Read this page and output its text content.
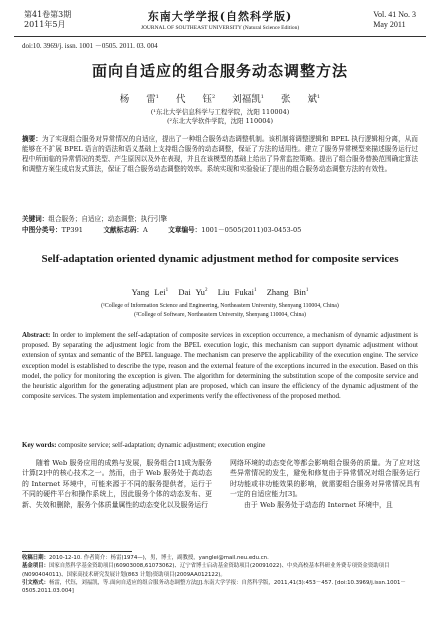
第41卷第3期
2011年5月
东南大学学报(自然科学版)
JOURNAL OF SOUTHEAST UNIVERSITY (Natural Science Edition)
Vol. 41 No. 3
May 2011
doi:10. 3969/j. issn. 1001 －0505. 2011. 03. 004
面向自适应的组合服务动态调整方法
杨 雷$^1$ 代 钰$^2$ 刘福凯$^1$ 张 斌$^1$
(¹东北大学信息科学与工程学院，沈阳 110004)
(²东北大学软件学院，沈阳 110004)
摘要：为了实现组合服务对异常情况的自适应，提出了一种组合服务动态调整机制。该机制将调整逻辑和 BPEL 执行逻辑相分离，从而能够在不扩展 BPEL 语言的语法和语义基础上支持组合服务的动态调整，保证了方法的适用性。建立了服务异常模型来描述服务运行过程中所面临的异常情况的类型、产生原因以及外在表现，并且在该模型的基础上给出了异常监控策略。提出了组合服务替换范围确定算法和调整方案生成启发式算法，保证了组合服务动态调整的效率。系统实现和实验验证了提出的组合服务动态调整方法的有效性。
关键词：组合服务；自适应；动态调整；执行引擎
中图分类号：TP391	文献标志码：A	文章编号：1001－0505(2011)03-0453-05
Self-adaptation oriented dynamic adjustment method for composite services
Yang Lei$^1$ Dai Yu$^2$ Liu Fukai$^1$ Zhang Bin$^1$
(¹College of Information Science and Engineering, Northeastern University, Shenyang 110004, China)
(²College of Software, Northeastern University, Shenyang 110004, China)
Abstract: In order to implement the self-adaptation of composite services in exception occurrence, a mechanism of dynamic adjustment is proposed. By separating the adjustment logic from the BPEL execution logic, this mechanism can support dynamic adjustment without extension of syntax and semantic of the BPEL language. The mechanism can preserve the applicability of the execution engine. The service exception model is established to describe the type, reason and the external feature of the exceptions incurred in the execution. Based on this model, the policy for monitoring the exception is given. The algorithm for determining the substitution scope of the composite service and the heuristic algorithm for the generating adjustment plan are proposed, which can insure the efficiency of the dynamic adjustment of the composite services. The system implementation and experiments verify the effectiveness of the proposed method.
Key words: composite service; self-adaptation; dynamic adjustment; execution engine
随着 Web 服务应用的成熟与发展，服务组合[1]成为服务计算[2]中的核心技术之一。然而，由于 Web 服务处于高动态的 Internet 环境中，可能来源于不同的服务提供者，运行于不同的硬件平台和操作系统上，因此服务个体的动态发布、更新、失效和删除，服务个体质量属性的动态变化以及服务运行
网络环境的动态变化等都会影响组合服务的质量。为了应对这些异常情况的发生，避免和修复由于异常情况对组合服务运行时功能或非功能效果的影响，就需要组合服务对异常情况具有一定的自适应能力[3]。
由于 Web 服务处于动态的 Internet 环境中，且
收稿日期：2010-12-10. 作者简介：杨雷(1974—)，男，博士，副教授，yanglei@mail.neu.edu.cn.
基金项目：国家自然科学基金资助项目(60903008,61073062)、辽宁省博士启动基金资助项目(20091022)、中央高校基本科研业务费专项资金资助项目(N090404011)、国家高技术研究发展计划(863 计划)资助项目(2009AA012122)。
引文格式：杨雷，代钰，刘福凯，等.面向自适应的组合服务动态调整方法[J].东南大学学报：自然科学版，2011,41(3):453－457. [doi:10.3969/j.issn.1001－0505.2011.03.004]
